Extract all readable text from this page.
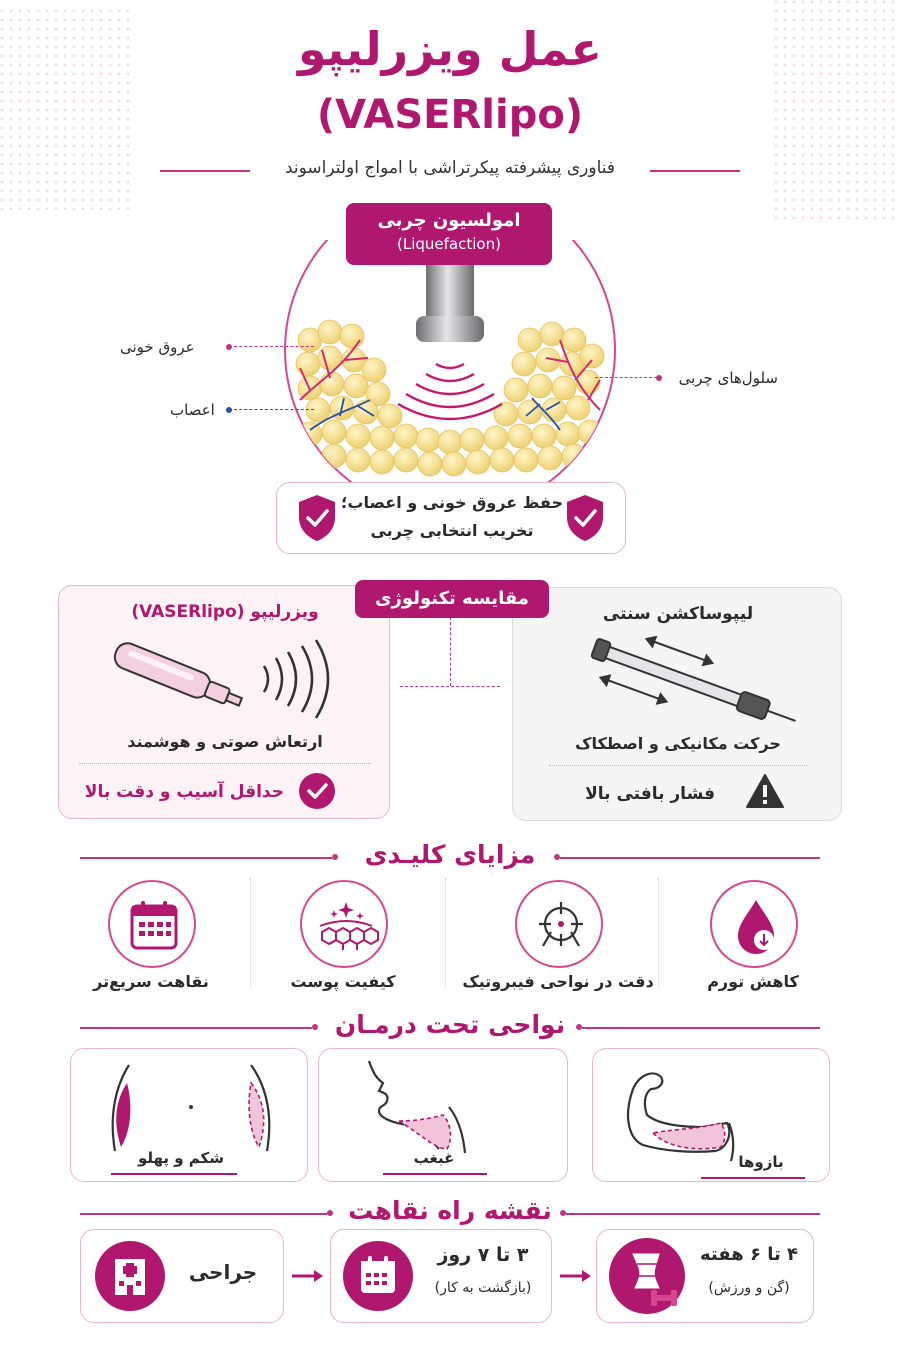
عمل ویزرلیپو
(VASERlipo)
فناوری پیشرفته پیکرتراشی با امواج اولتراسوند
امولسیون چربی
(Liquefaction)
عروق خونی
اعصاب
سلول‌های چربی
حفظ عروق خونی و اعصاب؛
تخریب انتخابی چربی
ویزرلیپو (VASERlipo)
ارتعاش صوتی و هوشمند
حداقل آسیب و دقت بالا
لیپوساکشن سنتی
حرکت مکانیکی و اصطکاک
فشار بافتی بالا
مقایسه تکنولوژی
مزایای کلیـدی
نقاهت سریع‌تر	کیفیت پوست	دقت در نواحی فیبروتیک	کاهش تورم
نواحی تحت درمـان
شکم و پهلو	غبغب	بازوها
نقشه راه نقاهت
جراحی
۳ تا ۷ روز
(بازگشت به کار)
۴ تا ۶ هفته
(گن و ورزش)
